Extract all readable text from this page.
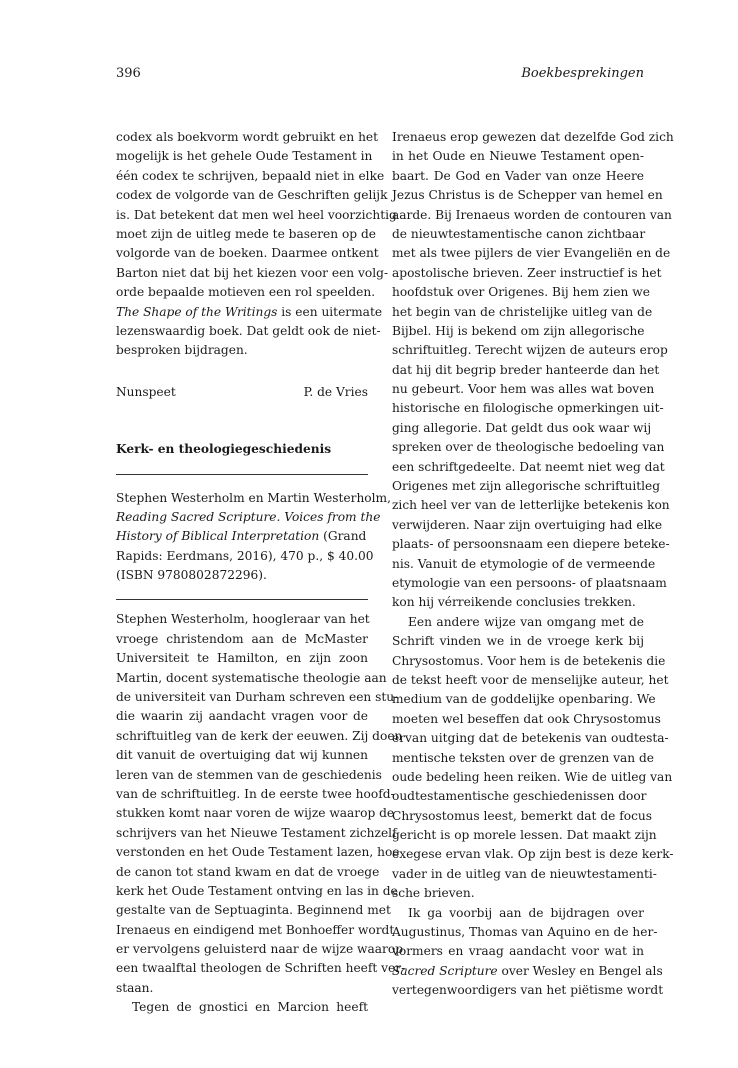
396	Boekbesprekingen
codex als boekvorm wordt gebruikt en het
mogelijk is het gehele Oude Testament in
één codex te schrijven, bepaald niet in elke
codex de volgorde van de Geschriften gelijk
is. Dat betekent dat men wel heel voorzichtig
moet zijn de uitleg mede te baseren op de
volgorde van de boeken. Daarmee ontkent
Barton niet dat bij het kiezen voor een volg-
orde bepaalde motieven een rol speelden.
The Shape of the Writings is een uitermate
lezenswaardig boek. Dat geldt ook de niet-
besproken bijdragen.
Nunspeet	P. de Vries
Kerk- en theologiegeschiedenis
Stephen Westerholm en Martin Westerholm,
Reading Sacred Scripture. Voices from the
History of Biblical Interpretation (Grand
Rapids: Eerdmans, 2016), 470 p., $ 40.00
(ISBN 9780802872296).
Stephen Westerholm, hoogleraar van het
vroege christendom aan de McMaster
Universiteit te Hamilton, en zijn zoon
Martin, docent systematische theologie aan
de universiteit van Durham schreven een stu-
die waarin zij aandacht vragen voor de
schriftuitleg van de kerk der eeuwen. Zij doen
dit vanuit de overtuiging dat wij kunnen
leren van de stemmen van de geschiedenis
van de schriftuitleg. In de eerste twee hoofd-
stukken komt naar voren de wijze waarop de
schrijvers van het Nieuwe Testament zichzelf
verstonden en het Oude Testament lazen, hoe
de canon tot stand kwam en dat de vroege
kerk het Oude Testament ontving en las in de
gestalte van de Septuaginta. Beginnend met
Irenaeus en eindigend met Bonhoeffer wordt
er vervolgens geluisterd naar de wijze waarop
een twaalftal theologen de Schriften heeft ver-
staan.
Tegen de gnostici en Marcion heeft
Irenaeus erop gewezen dat dezelfde God zich
in het Oude en Nieuwe Testament open-
baart. De God en Vader van onze Heere
Jezus Christus is de Schepper van hemel en
aarde. Bij Irenaeus worden de contouren van
de nieuwtestamentische canon zichtbaar
met als twee pijlers de vier Evangeliën en de
apostolische brieven. Zeer instructief is het
hoofdstuk over Origenes. Bij hem zien we
het begin van de christelijke uitleg van de
Bijbel. Hij is bekend om zijn allegorische
schriftuitleg. Terecht wijzen de auteurs erop
dat hij dit begrip breder hanteerde dan het
nu gebeurt. Voor hem was alles wat boven
historische en filologische opmerkingen uit-
ging allegorie. Dat geldt dus ook waar wij
spreken over de theologische bedoeling van
een schriftgedeelte. Dat neemt niet weg dat
Origenes met zijn allegorische schriftuitleg
zich heel ver van de letterlijke betekenis kon
verwijderen. Naar zijn overtuiging had elke
plaats- of persoonsnaam een diepere beteke-
nis. Vanuit de etymologie of de vermeende
etymologie van een persoons- of plaatsnaam
kon hij vérreikende conclusies trekken.
Een andere wijze van omgang met de
Schrift vinden we in de vroege kerk bij
Chrysostomus. Voor hem is de betekenis die
de tekst heeft voor de menselijke auteur, het
medium van de goddelijke openbaring. We
moeten wel beseffen dat ook Chrysostomus
ervan uitging dat de betekenis van oudtesta-
mentische teksten over de grenzen van de
oude bedeling heen reiken. Wie de uitleg van
oudtestamentische geschiedenissen door
Chrysostomus leest, bemerkt dat de focus
gericht is op morele lessen. Dat maakt zijn
exegese ervan vlak. Op zijn best is deze kerk-
vader in de uitleg van de nieuwtestamenti-
sche brieven.
Ik ga voorbij aan de bijdragen over
Augustinus, Thomas van Aquino en de her-
vormers en vraag aandacht voor wat in
Sacred Scripture over Wesley en Bengel als
vertegenwoordigers van het piëtisme wordt
